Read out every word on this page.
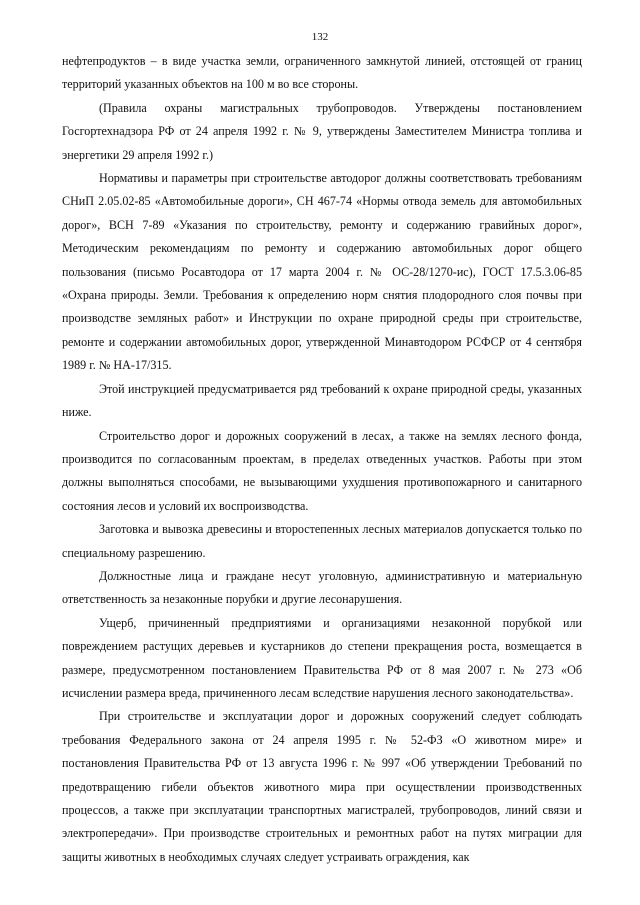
132

нефтепродуктов – в виде участка земли, ограниченного замкнутой линией, отстоящей от границ территорий указанных объектов на 100 м во все стороны.

(Правила охраны магистральных трубопроводов. Утверждены постановлением Госгортехнадзора РФ от 24 апреля 1992 г. № 9, утверждены Заместителем Министра топлива и энергетики 29 апреля 1992 г.)

Нормативы и параметры при строительстве автодорог должны соответствовать требованиям СНиП 2.05.02-85 «Автомобильные дороги», СН 467-74 «Нормы отвода земель для автомобильных дорог», ВСН 7-89 «Указания по строительству, ремонту и содержанию гравийных дорог», Методическим рекомендациям по ремонту и содержанию автомобильных дорог общего пользования (письмо Росавтодора от 17 марта 2004 г. № ОС-28/1270-ис), ГОСТ 17.5.3.06-85 «Охрана природы. Земли. Требования к определению норм снятия плодородного слоя почвы при производстве земляных работ» и Инструкции по охране природной среды при строительстве, ремонте и содержании автомобильных дорог, утвержденной Минавтодором РСФСР от 4 сентября 1989 г. № НА-17/315.

Этой инструкцией предусматривается ряд требований к охране природной среды, указанных ниже.

Строительство дорог и дорожных сооружений в лесах, а также на землях лесного фонда, производится по согласованным проектам, в пределах отведенных участков. Работы при этом должны выполняться способами, не вызывающими ухудшения противопожарного и санитарного состояния лесов и условий их воспроизводства.

Заготовка и вывозка древесины и второстепенных лесных материалов допускается только по специальному разрешению.

Должностные лица и граждане несут уголовную, административную и материальную ответственность за незаконные порубки и другие лесонарушения.

Ущерб, причиненный предприятиями и организациями незаконной порубкой или повреждением растущих деревьев и кустарников до степени прекращения роста, возмещается в размере, предусмотренном постановлением Правительства РФ от 8 мая 2007 г. № 273 «Об исчислении размера вреда, причиненного лесам вследствие нарушения лесного законодательства».

При строительстве и эксплуатации дорог и дорожных сооружений следует соблюдать требования Федерального закона от 24 апреля 1995 г. № 52-ФЗ «О животном мире» и постановления Правительства РФ от 13 августа 1996 г. № 997 «Об утверждении Требований по предотвращению гибели объектов животного мира при осуществлении производственных процессов, а также при эксплуатации транспортных магистралей, трубопроводов, линий связи и электропередачи». При производстве строительных и ремонтных работ на путях миграции для защиты животных в необходимых случаях следует устраивать ограждения, как
